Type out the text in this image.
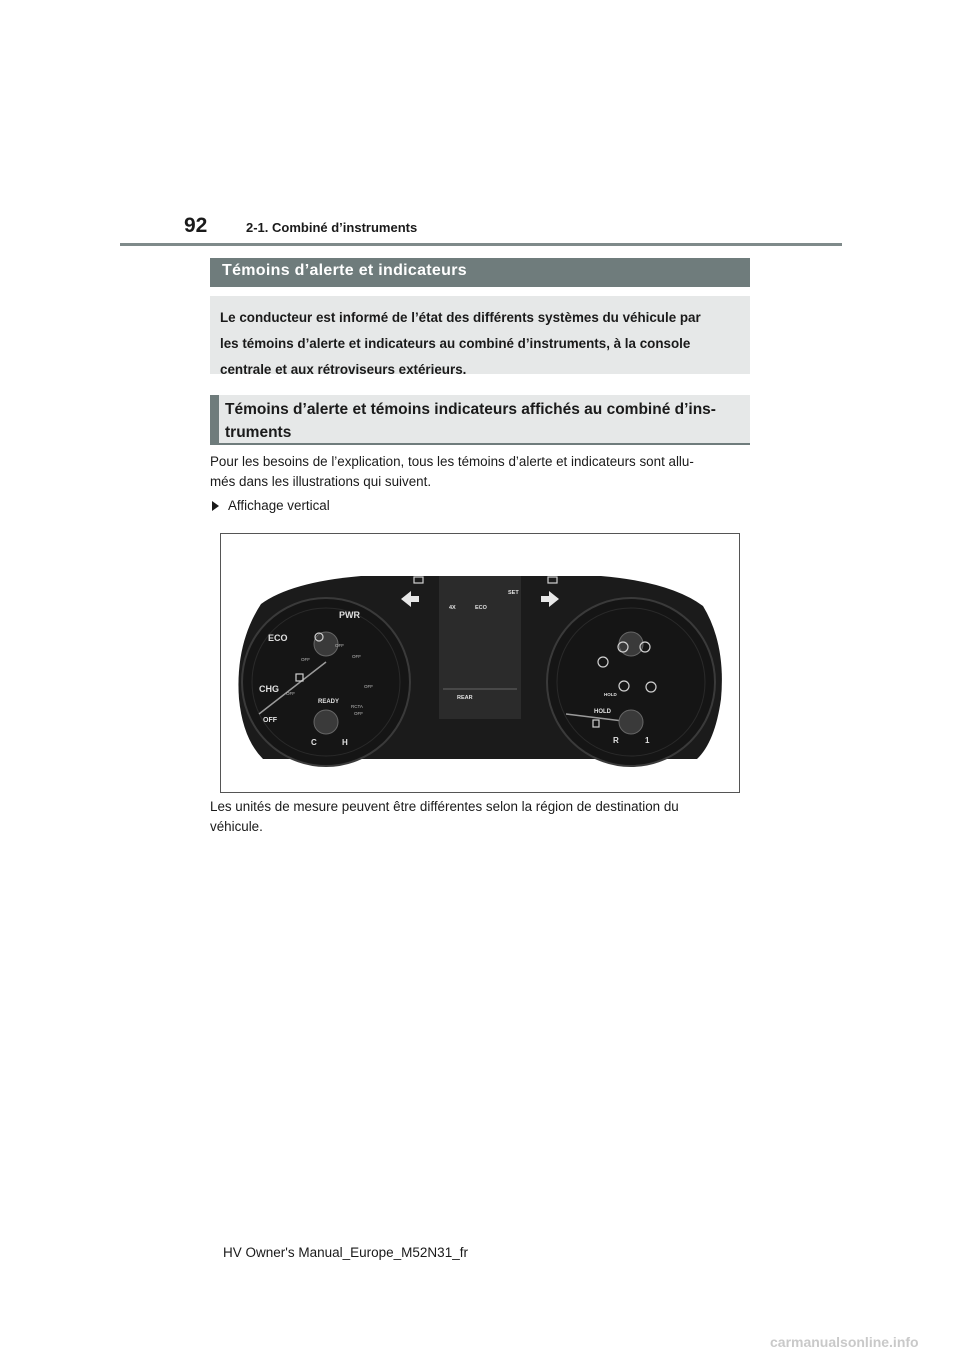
92	2-1. Combiné d’instruments
Témoins d’alerte et indicateurs
Le conducteur est informé de l’état des différents systèmes du véhicule par
les témoins d’alerte et indicateurs au combiné d’instruments, à la console
centrale et aux rétroviseurs extérieurs.
Témoins d’alerte et témoins indicateurs affichés au combiné d’ins-
truments
Pour les besoins de l’explication, tous les témoins d’alerte et indicateurs sont allu-
més dans les illustrations qui suivent.
Affichage vertical
PWR
ECO
CHG
OFF
C	H
READY
OFF
OFF
OFF
OFF
OFF
OFF
RCTA
4X	ECO
SET
REAR
HOLD
HOLD
R	1
Les unités de mesure peuvent être différentes selon la région de destination du
véhicule.
HV Owner's Manual_Europe_M52N31_fr
carmanualsonline.info
